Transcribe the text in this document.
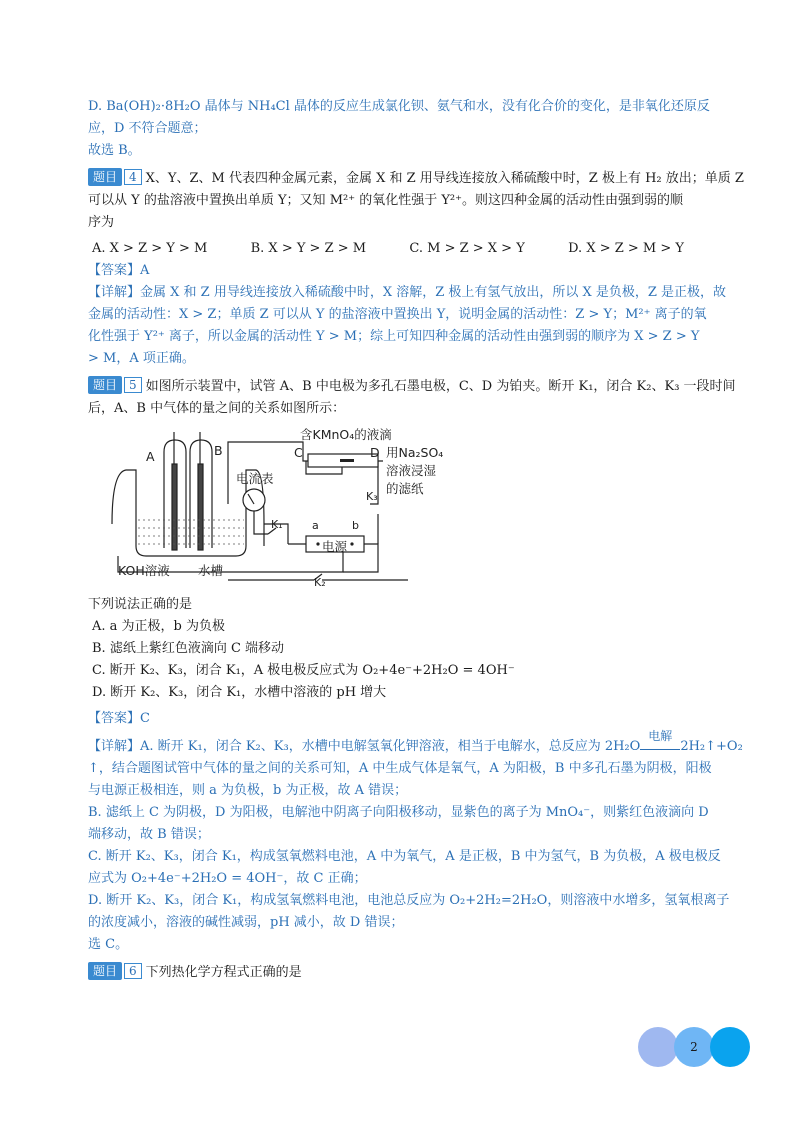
D. Ba(OH)₂·8H₂O 晶体与 NH₄Cl 晶体的反应生成氯化钡、氨气和水，没有化合价的变化，是非氧化还原反
应，D 不符合题意；
故选 B。
题目 4 X、Y、Z、M 代表四种金属元素，金属 X 和 Z 用导线连接放入稀硫酸中时，Z 极上有 H₂ 放出；单质 Z
可以从 Y 的盐溶液中置换出单质 Y；又知 M²⁺ 的氧化性强于 Y²⁺。则这四种金属的活动性由强到弱的顺
序为
A. X > Z > Y > M	B. X > Y > Z > M	C. M > Z > X > Y	D. X > Z > M > Y
【答案】A
【详解】金属 X 和 Z 用导线连接放入稀硫酸中时，X 溶解，Z 极上有氢气放出，所以 X 是负极，Z 是正极，故
金属的活动性：X > Z；单质 Z 可以从 Y 的盐溶液中置换出 Y，说明金属的活动性：Z > Y；M²⁺ 离子的氧
化性强于 Y²⁺ 离子，所以金属的活动性 Y > M；综上可知四种金属的活动性由强到弱的顺序为 X > Z > Y
> M，A 项正确。
题目 5 如图所示装置中，试管 A、B 中电极为多孔石墨电极，C、D 为铂夹。断开 K₁，闭合 K₂、K₃ 一段时间
后，A、B 中气体的量之间的关系如图所示：
A	B	C	D
含KMnO₄的液滴
用Na₂SO₄
溶液浸湿
的滤纸
K₃
电流表
K₁	a	b
电源
KOH溶液 水槽
K₂
下列说法正确的是
A. a 为正极，b 为负极
B. 滤纸上紫红色液滴向 C 端移动
C. 断开 K₂、K₃，闭合 K₁，A 极电极反应式为 O₂+4e⁻+2H₂O = 4OH⁻
D. 断开 K₂、K₃，闭合 K₁，水槽中溶液的 pH 增大
【答案】C
【详解】A. 断开 K₁，闭合 K₂、K₃，水槽中电解氢氧化钾溶液，相当于电解水，总反应为 2H₂O
电解
2H₂↑+O₂
↑，结合题图试管中气体的量之间的关系可知，A 中生成气体是氧气，A 为阳极，B 中多孔石墨为阴极，阳极
与电源正极相连，则 a 为负极，b 为正极，故 A 错误；
B. 滤纸上 C 为阴极，D 为阳极，电解池中阴离子向阳极移动，显紫色的离子为 MnO₄⁻，则紫红色液滴向 D
端移动，故 B 错误；
C. 断开 K₂、K₃，闭合 K₁，构成氢氧燃料电池，A 中为氧气，A 是正极，B 中为氢气，B 为负极，A 极电极反
应式为 O₂+4e⁻+2H₂O = 4OH⁻，故 C 正确；
D. 断开 K₂、K₃，闭合 K₁，构成氢氧燃料电池，电池总反应为 O₂+2H₂=2H₂O，则溶液中水增多，氢氧根离子
的浓度减小，溶液的碱性减弱，pH 减小，故 D 错误；
选 C。
题目 6 下列热化学方程式正确的是
2
